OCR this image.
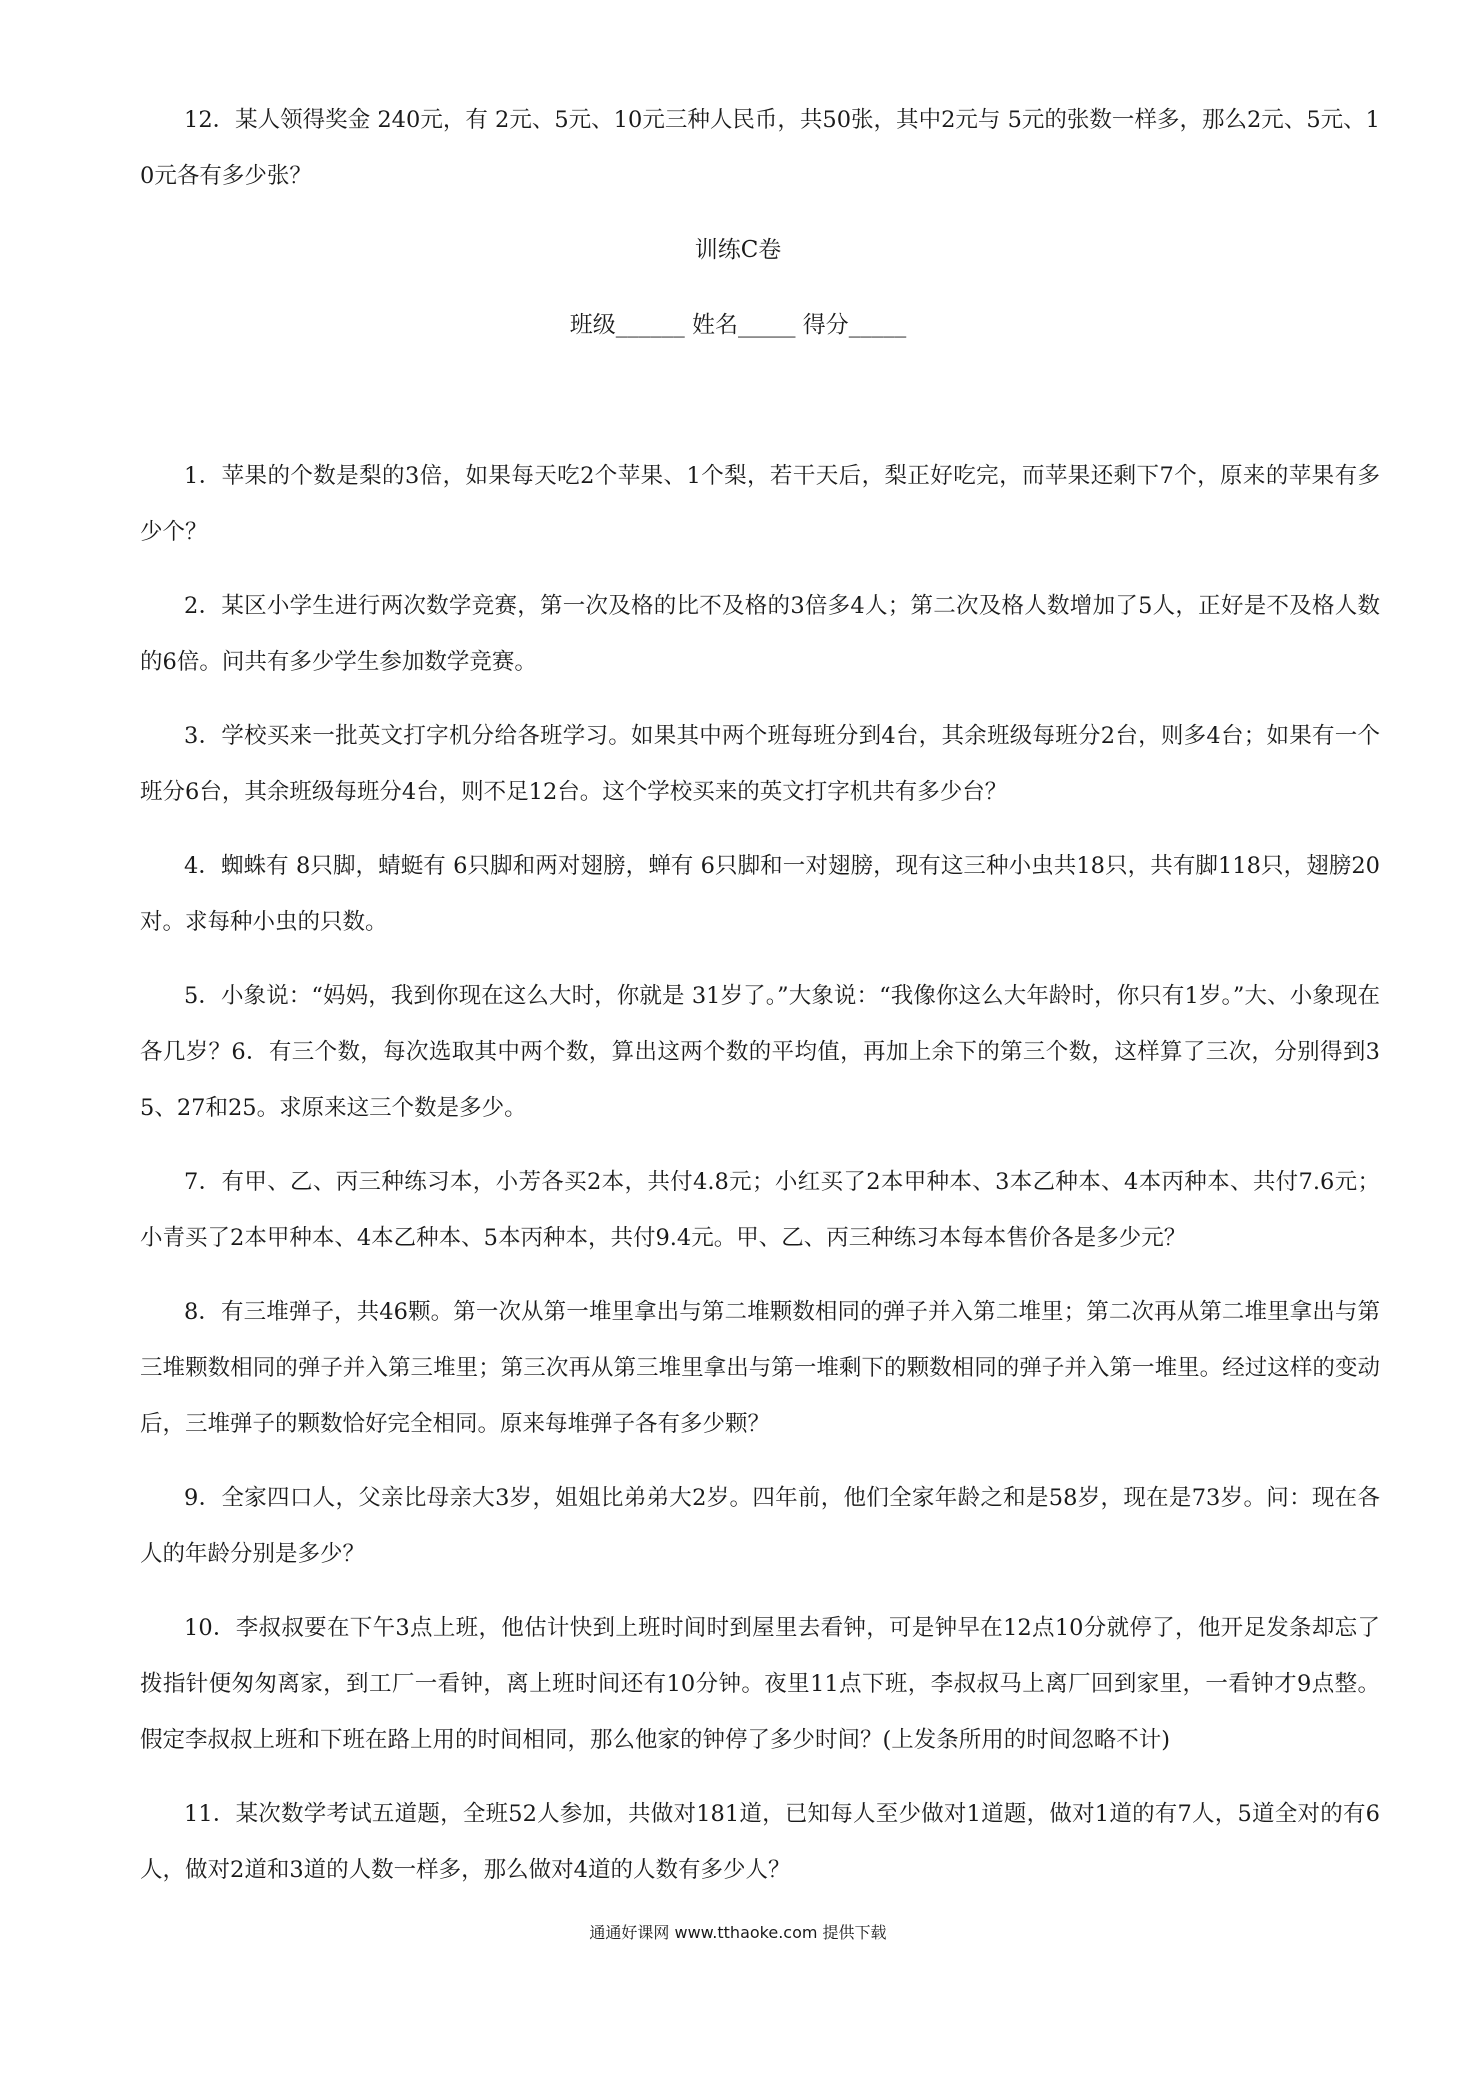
12．某人领得奖金 240元，有 2元、5元、10元三种人民币，共50张，其中2元与 5元的张数一样多，那么2元、5元、10元各有多少张？

训练C卷
班级______ 姓名_____ 得分_____

1．苹果的个数是梨的3倍，如果每天吃2个苹果、1个梨，若干天后，梨正好吃完，而苹果还剩下7个，原来的苹果有多少个？

2．某区小学生进行两次数学竞赛，第一次及格的比不及格的3倍多4人；第二次及格人数增加了5人，正好是不及格人数的6倍。问共有多少学生参加数学竞赛。

3．学校买来一批英文打字机分给各班学习。如果其中两个班每班分到4台，其余班级每班分2台，则多4台；如果有一个班分6台，其余班级每班分4台，则不足12台。这个学校买来的英文打字机共有多少台？

4．蜘蛛有 8只脚，蜻蜓有 6只脚和两对翅膀，蝉有 6只脚和一对翅膀，现有这三种小虫共18只，共有脚118只，翅膀20对。求每种小虫的只数。

5．小象说：“妈妈，我到你现在这么大时，你就是 31岁了。”大象说：“我像你这么大年龄时，你只有1岁。”大、小象现在各几岁？6．有三个数，每次选取其中两个数，算出这两个数的平均值，再加上余下的第三个数，这样算了三次，分别得到35、27和25。求原来这三个数是多少。

7．有甲、乙、丙三种练习本，小芳各买2本，共付4.8元；小红买了2本甲种本、3本乙种本、4本丙种本、共付7.6元；小青买了2本甲种本、4本乙种本、5本丙种本，共付9.4元。甲、乙、丙三种练习本每本售价各是多少元？

8．有三堆弹子，共46颗。第一次从第一堆里拿出与第二堆颗数相同的弹子并入第二堆里；第二次再从第二堆里拿出与第三堆颗数相同的弹子并入第三堆里；第三次再从第三堆里拿出与第一堆剩下的颗数相同的弹子并入第一堆里。经过这样的变动后，三堆弹子的颗数恰好完全相同。原来每堆弹子各有多少颗？

9．全家四口人，父亲比母亲大3岁，姐姐比弟弟大2岁。四年前，他们全家年龄之和是58岁，现在是73岁。问：现在各人的年龄分别是多少？

10．李叔叔要在下午3点上班，他估计快到上班时间时到屋里去看钟，可是钟早在12点10分就停了，他开足发条却忘了拨指针便匆匆离家，到工厂一看钟，离上班时间还有10分钟。夜里11点下班，李叔叔马上离厂回到家里，一看钟才9点整。假定李叔叔上班和下班在路上用的时间相同，那么他家的钟停了多少时间？(上发条所用的时间忽略不计)

11．某次数学考试五道题，全班52人参加，共做对181道，已知每人至少做对1道题，做对1道的有7人，5道全对的有6人，做对2道和3道的人数一样多，那么做对4道的人数有多少人？

通通好课网 www.tthaoke.com 提供下载
